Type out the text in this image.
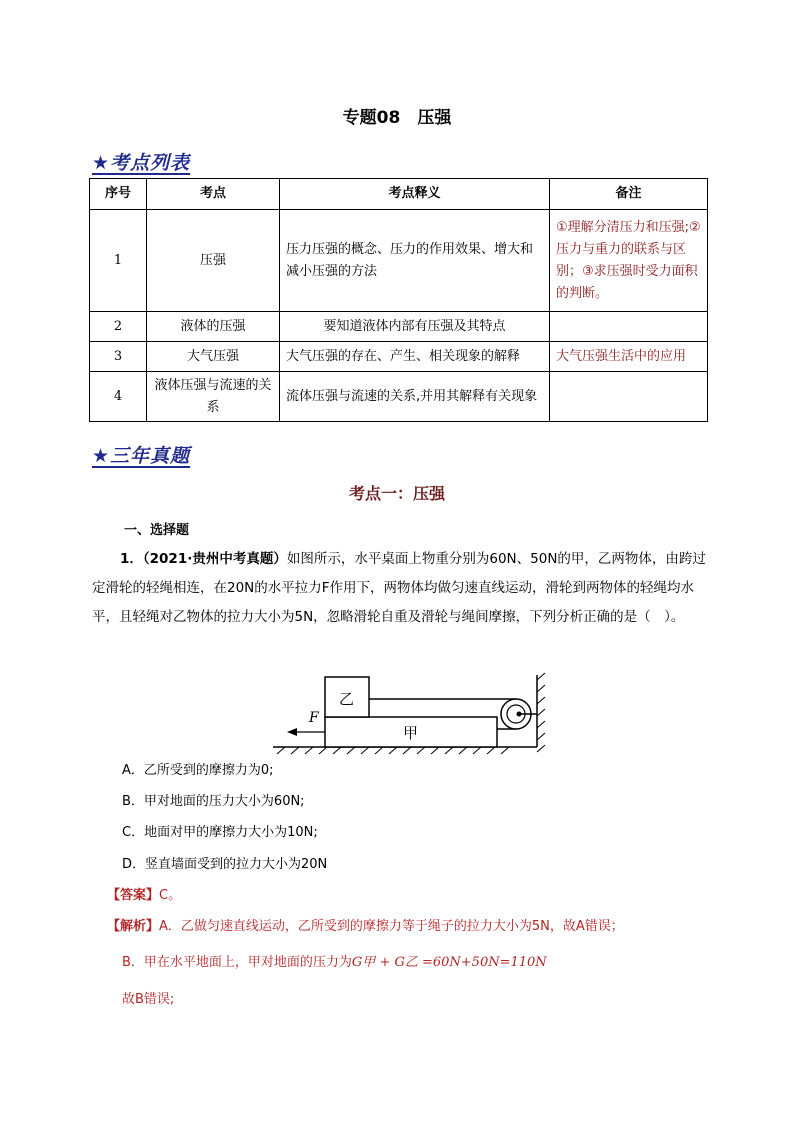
专题08　压强
★考点列表
序号	考点	考点释义	备注
1	压强	压力压强的概念、压力的作用效果、增大和减小压强的方法	①理解分清压力和压强;②压力与重力的联系与区别；③求压强时受力面积的判断。
2	液体的压强	要知道液体内部有压强及其特点	
3	大气压强	大气压强的存在、产生、相关现象的解释	大气压强生活中的应用
4	液体压强与流速的关系	流体压强与流速的关系,并用其解释有关现象	
★三年真题
考点一：压强
一、选择题
1．（2021·贵州中考真题）如图所示，水平桌面上物重分别为60N、50N的甲，乙两物体，由跨过定滑轮的轻绳相连，在20N的水平拉力F作用下，两物体均做匀速直线运动，滑轮到两物体的轻绳均水平，且轻绳对乙物体的拉力大小为5N，忽略滑轮自重及滑轮与绳间摩擦，下列分析正确的是（　）。
F
乙
甲
A．乙所受到的摩擦力为0;
B．甲对地面的压力大小为60N;
C．地面对甲的摩擦力大小为10N;
D．竖直墙面受到的拉力大小为20N
【答案】C。
【解析】A．乙做匀速直线运动，乙所受到的摩擦力等于绳子的拉力大小为5N，故A错误；
B．甲在水平地面上，甲对地面的压力为G甲 + G乙 =60N+50N=110N
故B错误;
